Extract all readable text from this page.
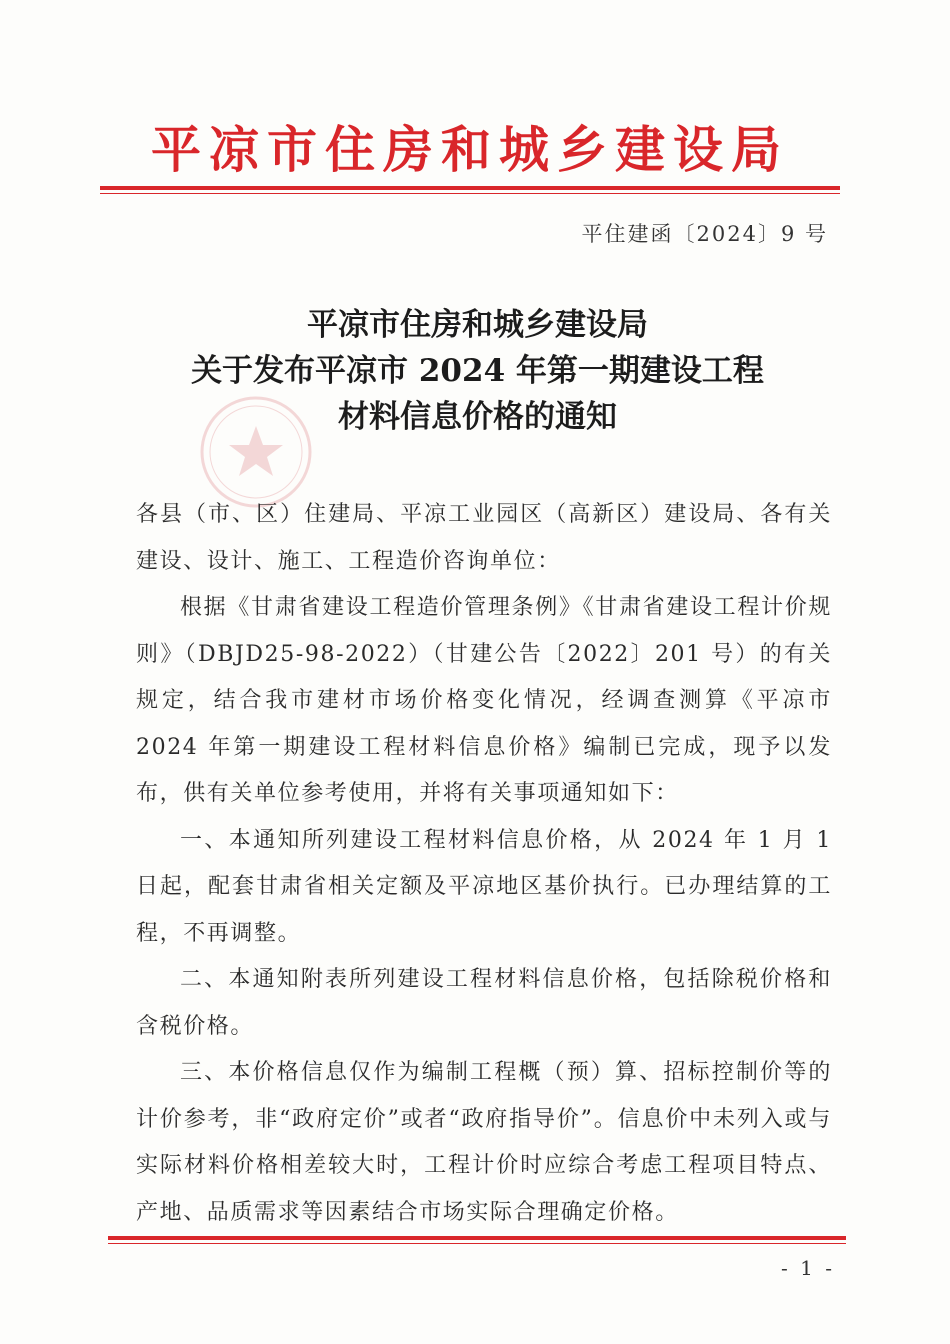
平凉市住房和城乡建设局
平住建函〔2024〕9 号
平凉市住房和城乡建设局
关于发布平凉市 2024 年第一期建设工程
材料信息价格的通知

各县（市、区）住建局、平凉工业园区（高新区）建设局、各有关建设、设计、施工、工程造价咨询单位：

根据《甘肃省建设工程造价管理条例》《甘肃省建设工程计价规则》（DBJD25-98-2022）（甘建公告〔2022〕201 号）的有关规定，结合我市建材市场价格变化情况，经调查测算《平凉市 2024 年第一期建设工程材料信息价格》编制已完成，现予以发布，供有关单位参考使用，并将有关事项通知如下：

一、本通知所列建设工程材料信息价格，从 2024 年 1 月 1 日起，配套甘肃省相关定额及平凉地区基价执行。已办理结算的工程，不再调整。

二、本通知附表所列建设工程材料信息价格，包括除税价格和含税价格。

三、本价格信息仅作为编制工程概（预）算、招标控制价等的计价参考，非“政府定价”或者“政府指导价”。信息价中未列入或与实际材料价格相差较大时，工程计价时应综合考虑工程项目特点、产地、品质需求等因素结合市场实际合理确定价格。

- 1 -
